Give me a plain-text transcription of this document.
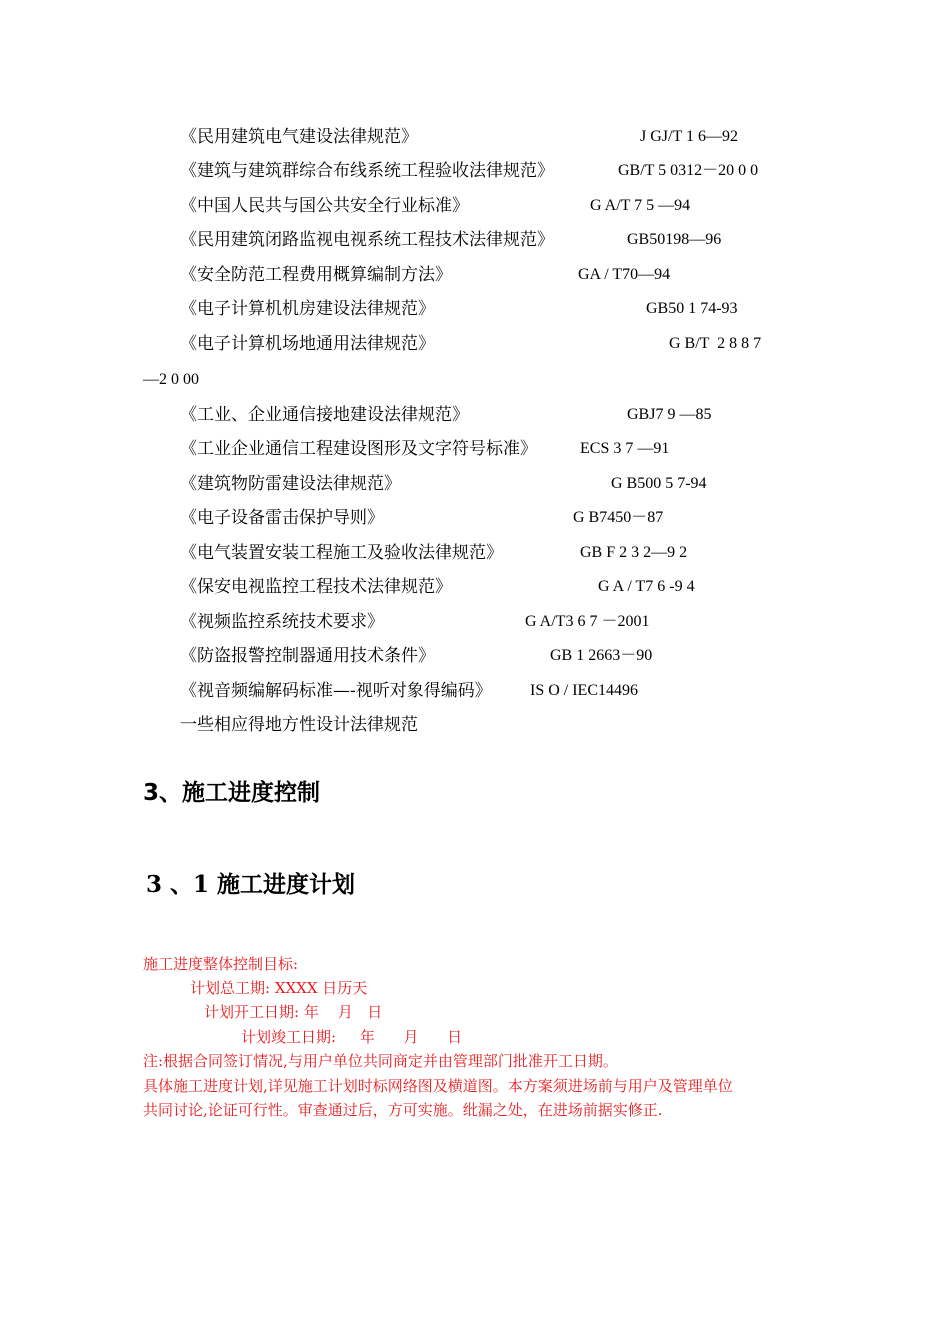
《民用建筑电气建设法律规范》	J GJ/T 1 6—92
《建筑与建筑群综合布线系统工程验收法律规范》	GB/T 5 0312－20 0 0
《中国人民共与国公共安全行业标准》	G A/T 7 5 —94
《民用建筑闭路监视电视系统工程技术法律规范》	GB50198—96
《安全防范工程费用概算编制方法》	GA / T70—94
《电子计算机机房建设法律规范》	GB50 1 74-93
《电子计算机场地通用法律规范》	G B/T  2 8 8 7
—2 0 00
《工业、企业通信接地建设法律规范》	GBJ7 9 —85
《工业企业通信工程建设图形及文字符号标准》	ECS 3 7 —91
《建筑物防雷建设法律规范》	G B500 5 7-94
《电子设备雷击保护导则》	G B7450－87
《电气装置安装工程施工及验收法律规范》	GB F 2 3 2—9 2
《保安电视监控工程技术法律规范》	G A / T7 6 -9 4
《视频监控系统技术要求》	G A/T3 6 7 －2001
《防盗报警控制器通用技术条件》	GB 1 2663－90
《视音频编解码标准—-视听对象得编码》 IS O / IEC14496
一些相应得地方性设计法律规范
3、施工进度控制
3 、1 施工进度计划
施工进度整体控制目标:
计划总工期: XXXX 日历天
计划开工日期: 年    月   日
计划竣工日期:     年      月      日
注:根据合同签订情况,与用户单位共同商定并由管理部门批准开工日期。
具体施工进度计划,详见施工计划时标网络图及横道图。本方案须进场前与用户及管理单位
共同讨论,论证可行性。审查通过后，方可实施。纰漏之处，在进场前据实修正.
